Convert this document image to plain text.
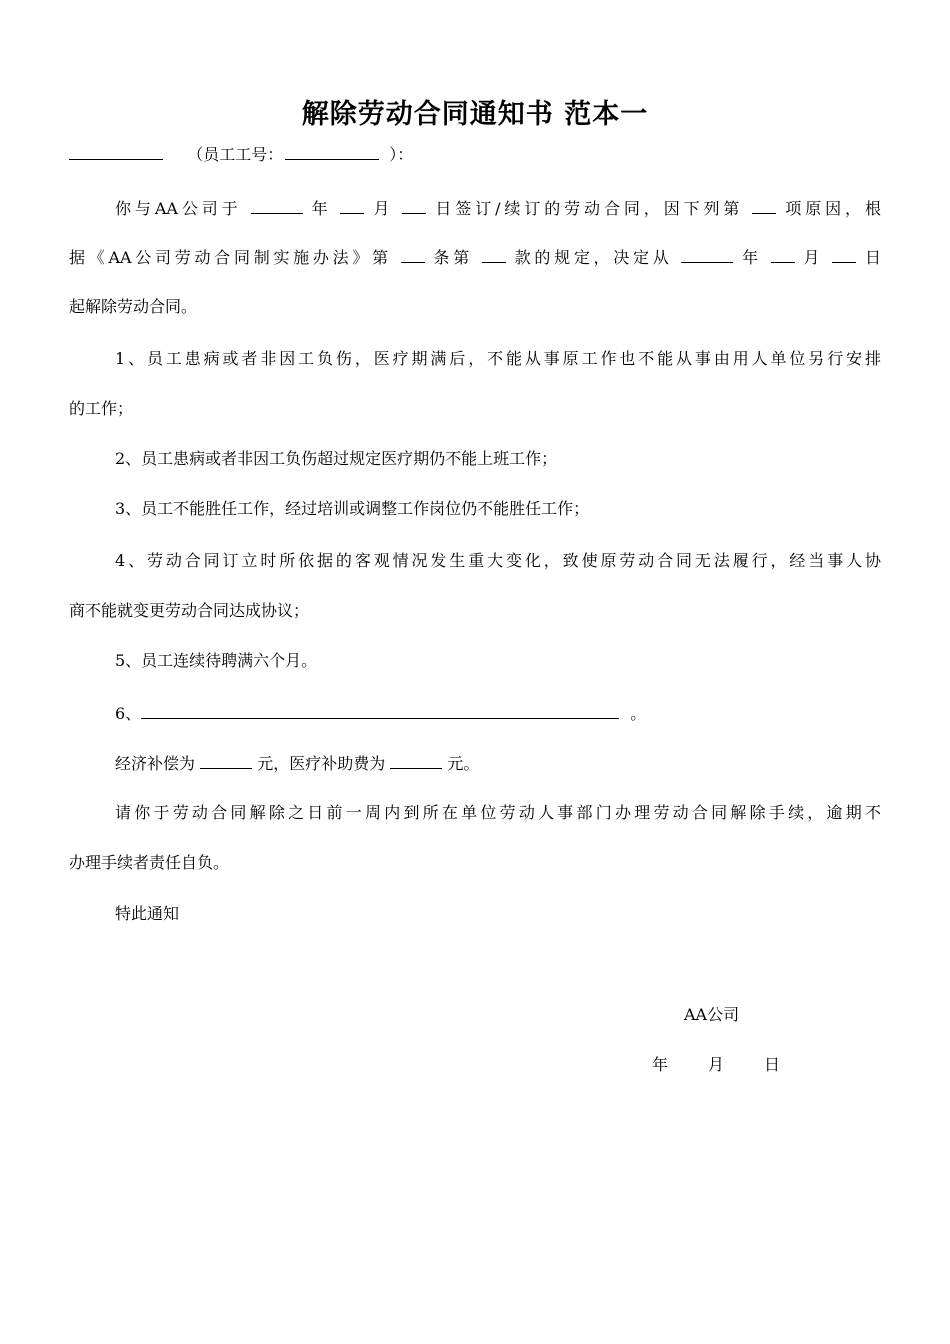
解除劳动合同通知书 范本一
（员工工号：	）：
你与AA公司于	年	月	日签订/续订的劳动合同，因下列第	项原因，根
据《AA公司劳动合同制实施办法》第	条第	款的规定，决定从	年	月	日
起解除劳动合同。
1、员工患病或者非因工负伤，医疗期满后，不能从事原工作也不能从事由用人单位另行安排
的工作；
2、员工患病或者非因工负伤超过规定医疗期仍不能上班工作；
3、员工不能胜任工作，经过培训或调整工作岗位仍不能胜任工作；
4、劳动合同订立时所依据的客观情况发生重大变化，致使原劳动合同无法履行，经当事人协
商不能就变更劳动合同达成协议；
5、员工连续待聘满六个月。
6、	。
经济补偿为	元，医疗补助费为	元。
请你于劳动合同解除之日前一周内到所在单位劳动人事部门办理劳动合同解除手续，逾期不
办理手续者责任自负。
特此通知
AA公司
年	月	日
